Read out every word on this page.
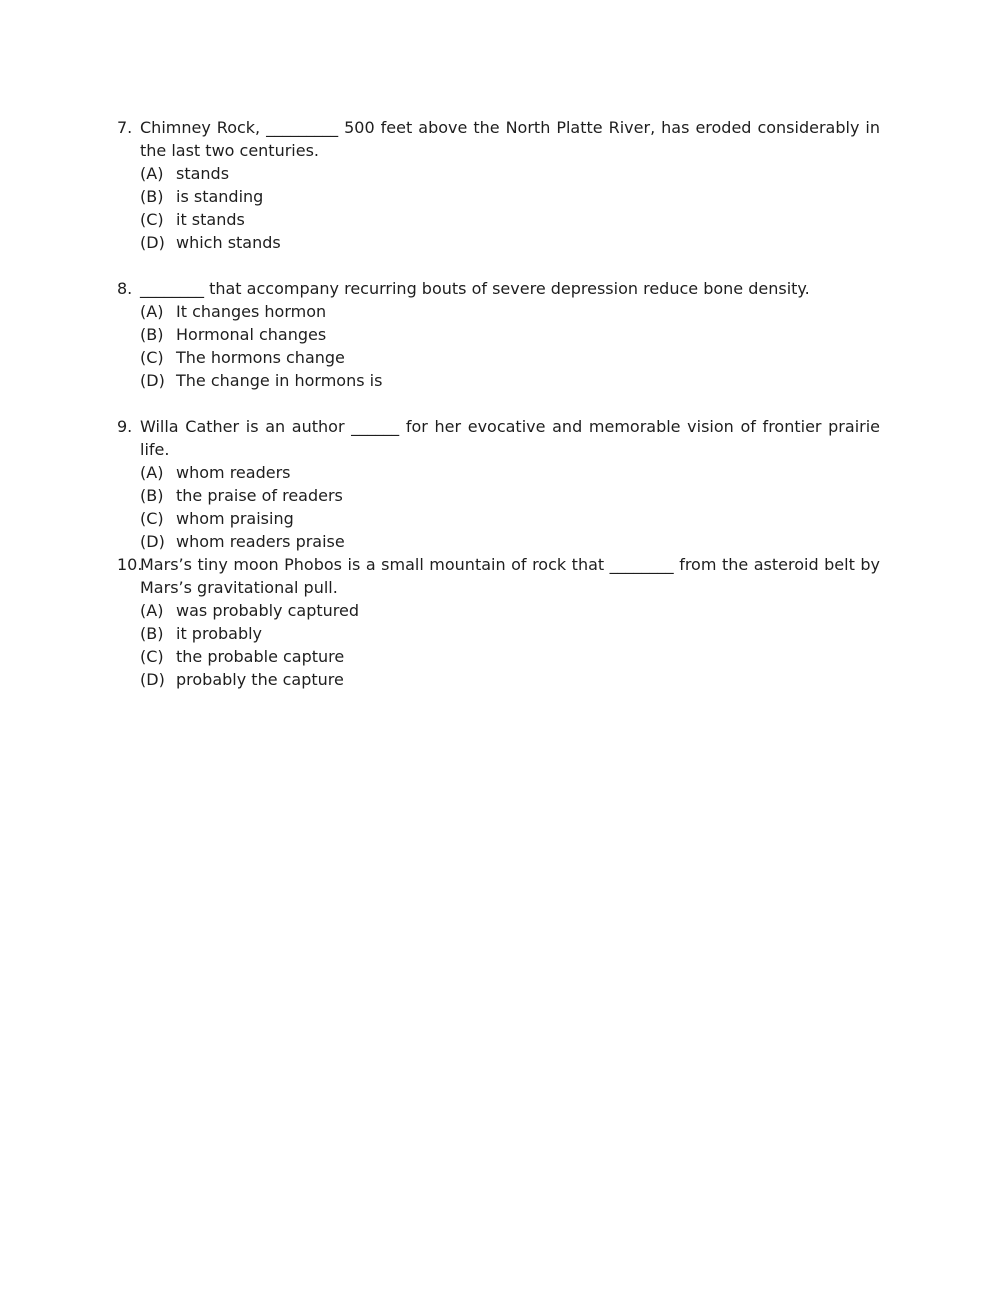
7. Chimney Rock, _________ 500 feet above the North Platte River, has eroded considerably in the last two centuries.
(A) stands
(B) is standing
(C) it stands
(D) which stands
8. ________ that accompany recurring bouts of severe depression reduce bone density.
(A) It changes hormon
(B) Hormonal changes
(C) The hormons change
(D) The change in hormons is
9. Willa Cather is an author ______ for her evocative and memorable vision of frontier prairie life.
(A) whom readers
(B) the praise of readers
(C) whom praising
(D) whom readers praise
10.
Mars’s tiny moon Phobos is a small mountain of rock that ________ from the asteroid belt by Mars’s gravitational pull.
(A) was probably captured
(B) it probably
(C) the probable capture
(D) probably the capture
